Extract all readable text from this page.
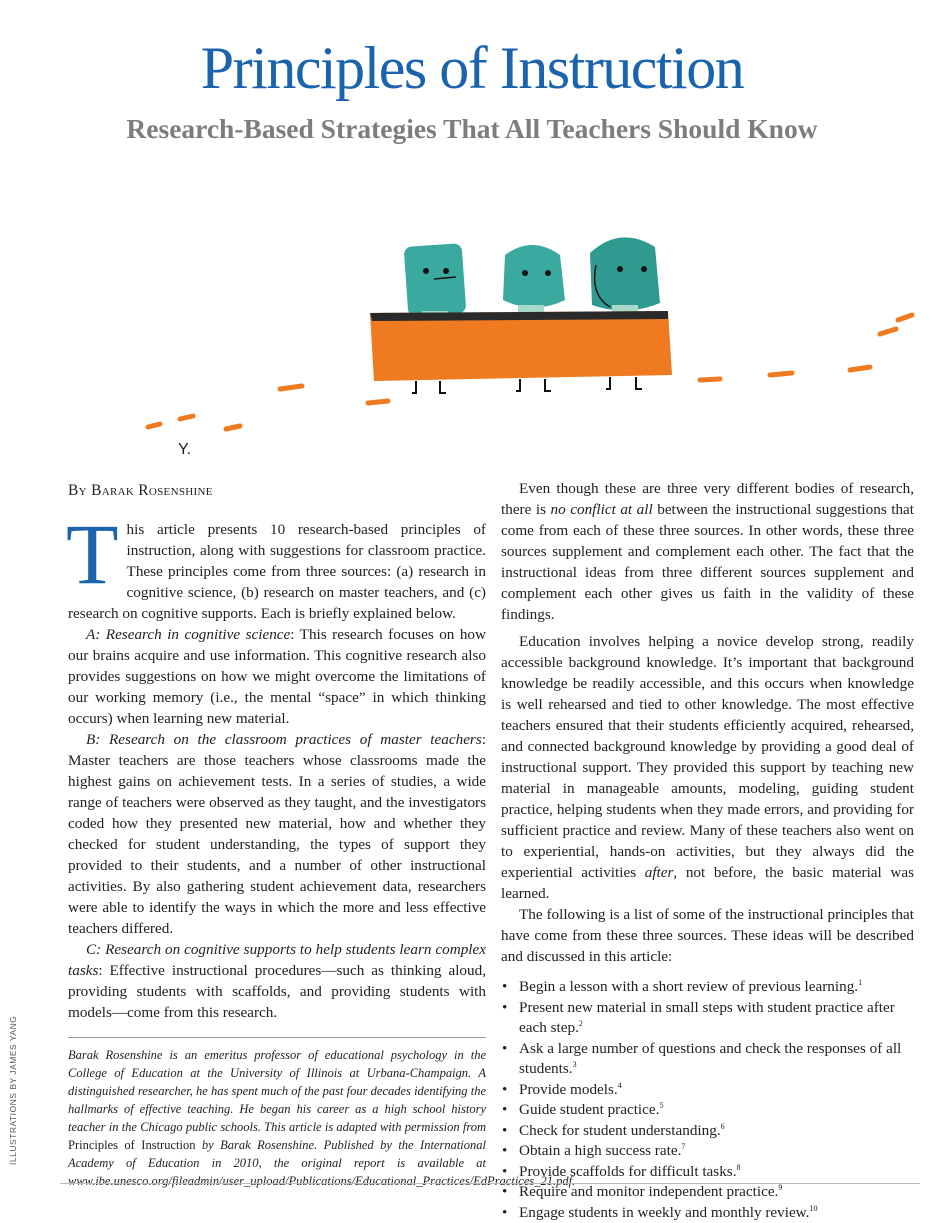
Principles of Instruction
Research-Based Strategies That All Teachers Should Know
Y.
ILLUSTRATIONS BY JAMES YANG
By Barak Rosenshine

This article presents 10 research-based principles of instruction, along with suggestions for classroom practice. These principles come from three sources: (a) research in cognitive science, (b) research on master teachers, and (c) research on cognitive supports. Each is briefly explained below.

A: Research in cognitive science: This research focuses on how our brains acquire and use information. This cognitive research also provides suggestions on how we might overcome the limitations of our working memory (i.e., the mental “space” in which thinking occurs) when learning new material.

B: Research on the classroom practices of master teachers: Master teachers are those teachers whose classrooms made the highest gains on achievement tests. In a series of studies, a wide range of teachers were observed as they taught, and the investigators coded how they presented new material, how and whether they checked for student understanding, the types of support they provided to their students, and a number of other instructional activities. By also gathering student achievement data, researchers were able to identify the ways in which the more and less effective teachers differed.

C: Research on cognitive supports to help students learn complex tasks: Effective instructional procedures—such as thinking aloud, providing students with scaffolds, and providing students with models—come from this research.

Barak Rosenshine is an emeritus professor of educational psychology in the College of Education at the University of Illinois at Urbana-Champaign. A distinguished researcher, he has spent much of the past four decades identifying the hallmarks of effective teaching. He began his career as a high school history teacher in the Chicago public schools. This article is adapted with permission from Principles of Instruction by Barak Rosenshine. Published by the International Academy of Education in 2010, the original report is available at www.ibe.unesco.org/fileadmin/user_upload/Publications/Educational_Practices/EdPractices_21.pdf.

Even though these are three very different bodies of research, there is no conflict at all between the instructional suggestions that come from each of these three sources. In other words, these three sources supplement and complement each other. The fact that the instructional ideas from three different sources supplement and complement each other gives us faith in the validity of these findings.

Education involves helping a novice develop strong, readily accessible background knowledge. It’s important that background knowledge be readily accessible, and this occurs when knowledge is well rehearsed and tied to other knowledge. The most effective teachers ensured that their students efficiently acquired, rehearsed, and connected background knowledge by providing a good deal of instructional support. They provided this support by teaching new material in manageable amounts, modeling, guiding student practice, helping students when they made errors, and providing for sufficient practice and review. Many of these teachers also went on to experiential, hands-on activities, but they always did the experiential activities after, not before, the basic material was learned.

The following is a list of some of the instructional principles that have come from these three sources. These ideas will be described and discussed in this article:

• Begin a lesson with a short review of previous learning.$^1$
• Present new material in small steps with student practice after each step.$^2$
• Ask a large number of questions and check the responses of all students.$^3$
• Provide models.$^4$
• Guide student practice.$^5$
• Check for student understanding.$^6$
• Obtain a high success rate.$^7$
• Provide scaffolds for difficult tasks.$^8$
• Require and monitor independent practice.$^9$
• Engage students in weekly and monthly review.$^{10}$
